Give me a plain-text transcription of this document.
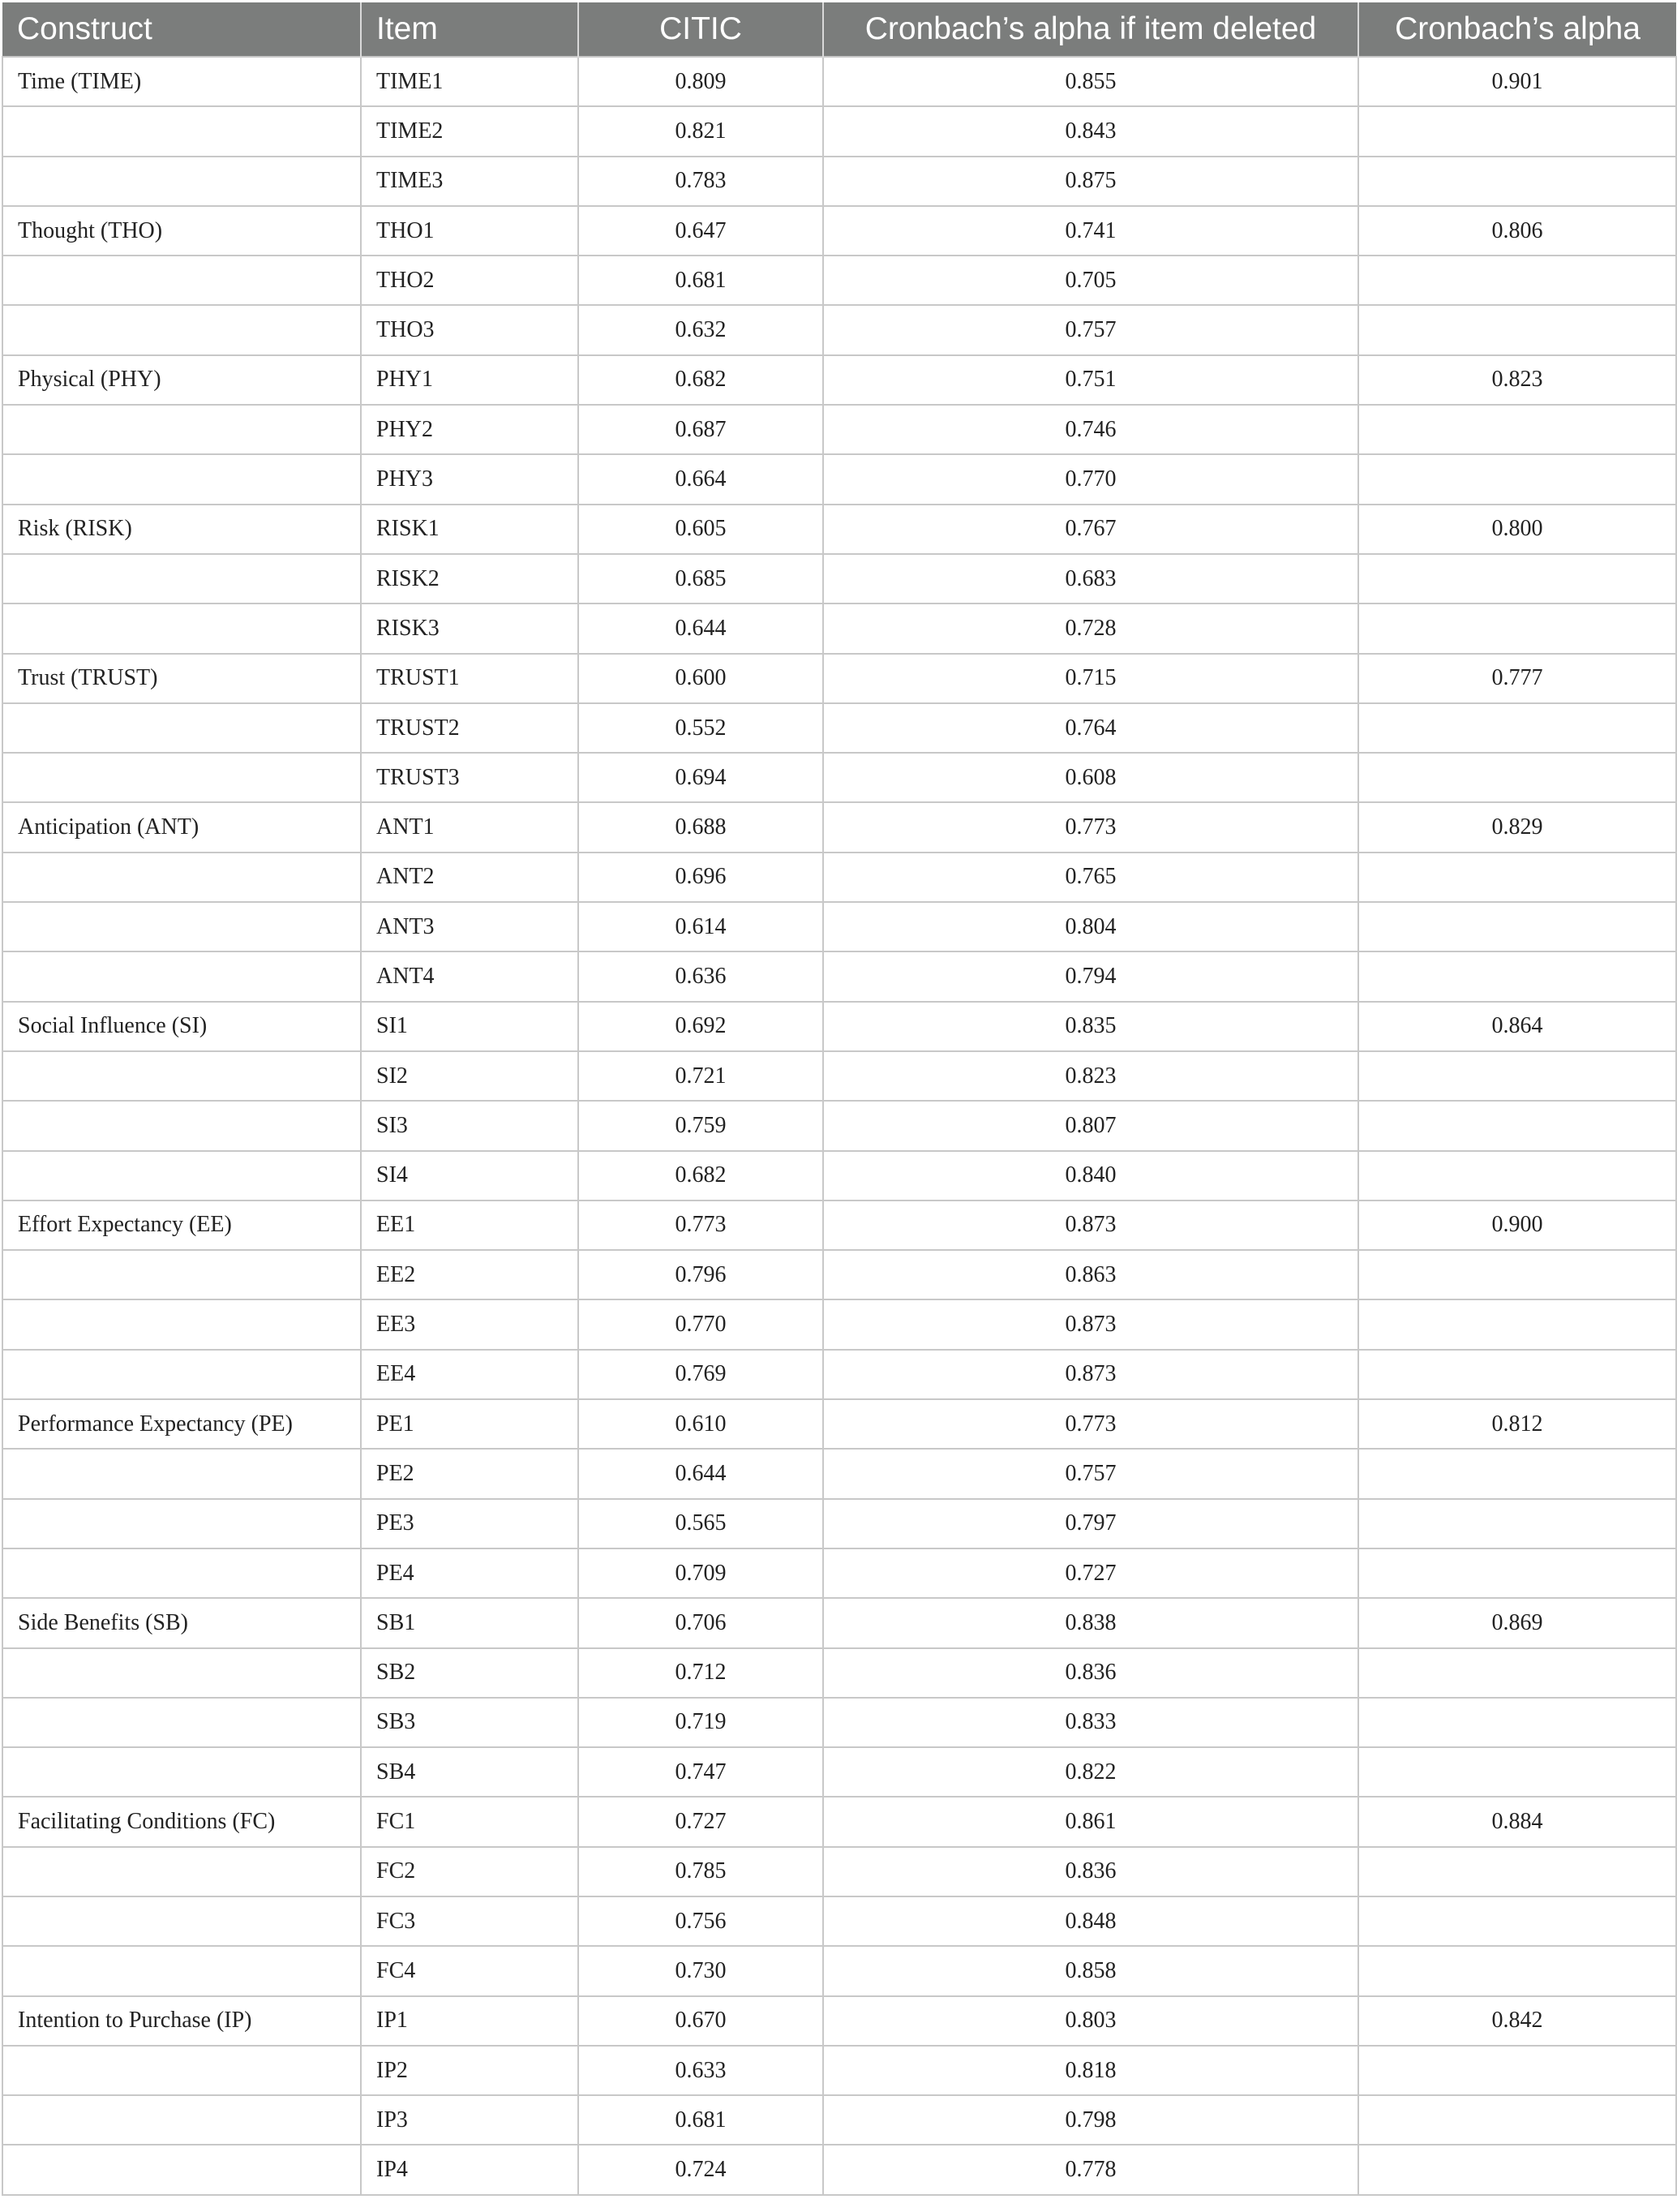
Construct	Item	CITIC	Cronbach’s alpha if item deleted	Cronbach’s alpha
Time (TIME)	TIME1	0.809	0.855	0.901
	TIME2	0.821	0.843	
	TIME3	0.783	0.875	
Thought (THO)	THO1	0.647	0.741	0.806
	THO2	0.681	0.705	
	THO3	0.632	0.757	
Physical (PHY)	PHY1	0.682	0.751	0.823
	PHY2	0.687	0.746	
	PHY3	0.664	0.770	
Risk (RISK)	RISK1	0.605	0.767	0.800
	RISK2	0.685	0.683	
	RISK3	0.644	0.728	
Trust (TRUST)	TRUST1	0.600	0.715	0.777
	TRUST2	0.552	0.764	
	TRUST3	0.694	0.608	
Anticipation (ANT)	ANT1	0.688	0.773	0.829
	ANT2	0.696	0.765	
	ANT3	0.614	0.804	
	ANT4	0.636	0.794	
Social Influence (SI)	SI1	0.692	0.835	0.864
	SI2	0.721	0.823	
	SI3	0.759	0.807	
	SI4	0.682	0.840	
Effort Expectancy (EE)	EE1	0.773	0.873	0.900
	EE2	0.796	0.863	
	EE3	0.770	0.873	
	EE4	0.769	0.873	
Performance Expectancy (PE)	PE1	0.610	0.773	0.812
	PE2	0.644	0.757	
	PE3	0.565	0.797	
	PE4	0.709	0.727	
Side Benefits (SB)	SB1	0.706	0.838	0.869
	SB2	0.712	0.836	
	SB3	0.719	0.833	
	SB4	0.747	0.822	
Facilitating Conditions (FC)	FC1	0.727	0.861	0.884
	FC2	0.785	0.836	
	FC3	0.756	0.848	
	FC4	0.730	0.858	
Intention to Purchase (IP)	IP1	0.670	0.803	0.842
	IP2	0.633	0.818	
	IP3	0.681	0.798	
	IP4	0.724	0.778	
